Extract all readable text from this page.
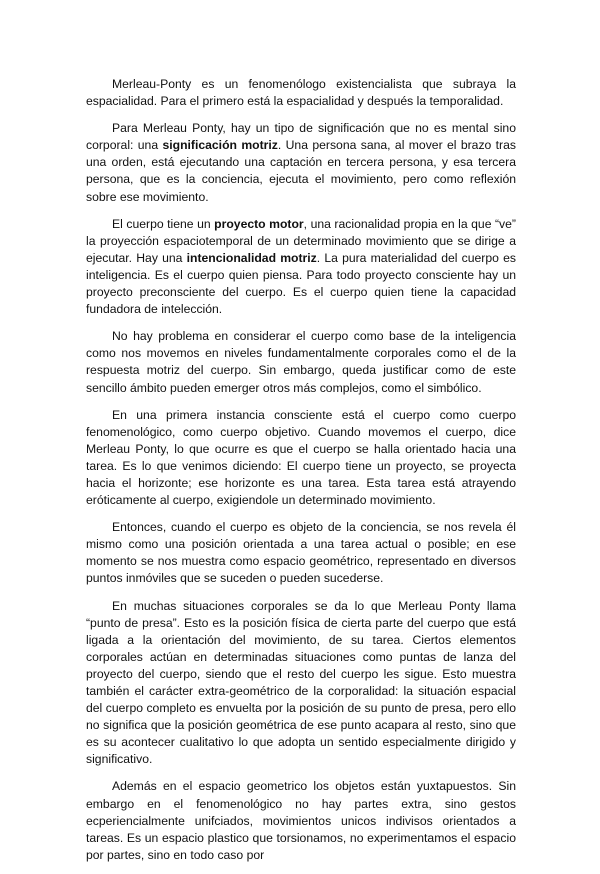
Merleau-Ponty es un fenomenólogo existencialista que subraya la espacialidad. Para el primero está la espacialidad y después la temporalidad.

Para Merleau Ponty, hay un tipo de significación que no es mental sino corporal: una significación motriz. Una persona sana, al mover el brazo tras una orden, está ejecutando una captación en tercera persona, y esa tercera persona, que es la conciencia, ejecuta el movimiento, pero como reflexión sobre ese movimiento.

El cuerpo tiene un proyecto motor, una racionalidad propia en la que “ve” la proyección espaciotemporal de un determinado movimiento que se dirige a ejecutar. Hay una intencionalidad motriz. La pura materialidad del cuerpo es inteligencia. Es el cuerpo quien piensa. Para todo proyecto consciente hay un proyecto preconsciente del cuerpo. Es el cuerpo quien tiene la capacidad fundadora de intelección.

No hay problema en considerar el cuerpo como base de la inteligencia como nos movemos en niveles fundamentalmente corporales como el de la respuesta motriz del cuerpo. Sin embargo, queda justificar como de este sencillo ámbito pueden emerger otros más complejos, como el simbólico.

En una primera instancia consciente está el cuerpo como cuerpo fenomenológico, como cuerpo objetivo. Cuando movemos el cuerpo, dice Merleau Ponty, lo que ocurre es que el cuerpo se halla orientado hacia una tarea. Es lo que venimos diciendo: El cuerpo tiene un proyecto, se proyecta hacia el horizonte; ese horizonte es una tarea. Esta tarea está atrayendo eróticamente al cuerpo, exigiendole un determinado movimiento.

Entonces, cuando el cuerpo es objeto de la conciencia, se nos revela él mismo como una posición orientada a una tarea actual o posible; en ese momento se nos muestra como espacio geométrico, representado en diversos puntos inmóviles que se suceden o pueden sucederse.

En muchas situaciones corporales se da lo que Merleau Ponty llama “punto de presa”. Esto es la posición física de cierta parte del cuerpo que está ligada a la orientación del movimiento, de su tarea. Ciertos elementos corporales actúan en determinadas situaciones como puntas de lanza del proyecto del cuerpo, siendo que el resto del cuerpo les sigue. Esto muestra también el carácter extra-geométrico de la corporalidad: la situación espacial del cuerpo completo es envuelta por la posición de su punto de presa, pero ello no significa que la posición geométrica de ese punto acapara al resto, sino que es su acontecer cualitativo lo que adopta un sentido especialmente dirigido y significativo.

Además en el espacio geometrico los objetos están yuxtapuestos. Sin embargo en el fenomenológico no hay partes extra, sino gestos ecperiencialmente unifciados, movimientos unicos indivisos orientados a tareas. Es un espacio plastico que torsionamos, no experimentamos el espacio por partes, sino en todo caso por
